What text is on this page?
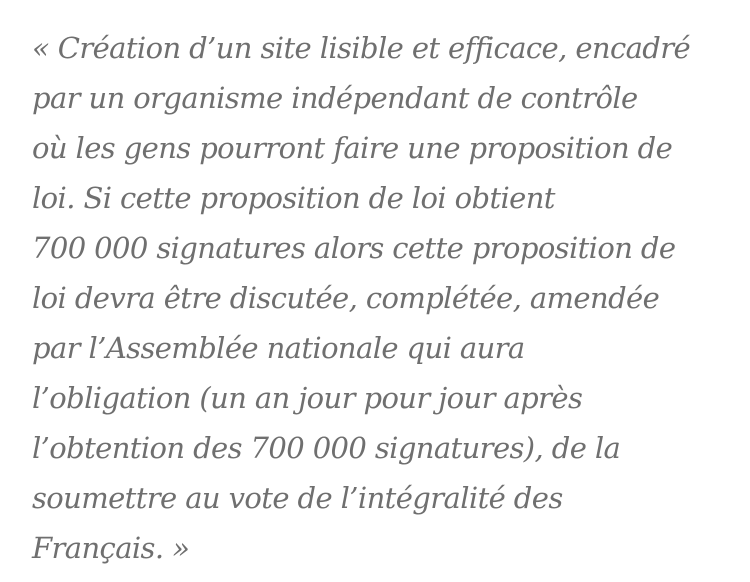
« Création d’un site lisible et efficace, encadré
par un organisme indépendant de contrôle
où les gens pourront faire une proposition de
loi. Si cette proposition de loi obtient
700 000 signatures alors cette proposition de
loi devra être discutée, complétée, amendée
par l’Assemblée nationale qui aura
l’obligation (un an jour pour jour après
l’obtention des 700 000 signatures), de la
soumettre au vote de l’intégralité des
Français. »
